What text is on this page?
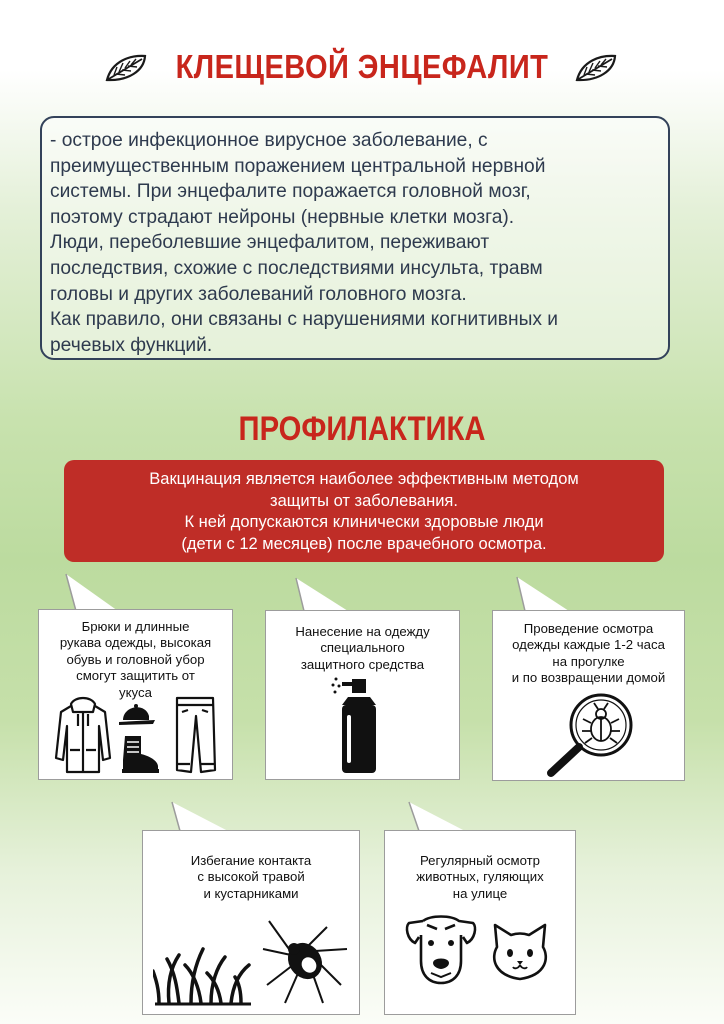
КЛЕЩЕВОЙ ЭНЦЕФАЛИТ

- острое инфекционное вирусное заболевание, с

преимущественным поражением центральной нервной

системы. При энцефалите поражается головной мозг,

поэтому страдают нейроны (нервные клетки мозга).

Люди, переболевшие энцефалитом, переживают

последствия, схожие с последствиями инсульта, травм

головы и других заболеваний головного мозга.

Как правило, они связаны с нарушениями когнитивных и

речевых функций.

ПРОФИЛАКТИКА
Вакцинация является наиболее эффективным методом
защиты от заболевания.
К ней допускаются клинически здоровые люди
(дети с 12 месяцев) после врачебного осмотра.
Брюки и длинные
рукава одежды, высокая
обувь и головной убор
смогут защитить от
укуса
Нанесение на одежду
специального
защитного средства
Проведение осмотра
одежды каждые 1-2 часа
на прогулке
и по возвращении домой
Избегание контакта
с высокой травой
и кустарниками
Регулярный осмотр
животных, гуляющих
на улице
